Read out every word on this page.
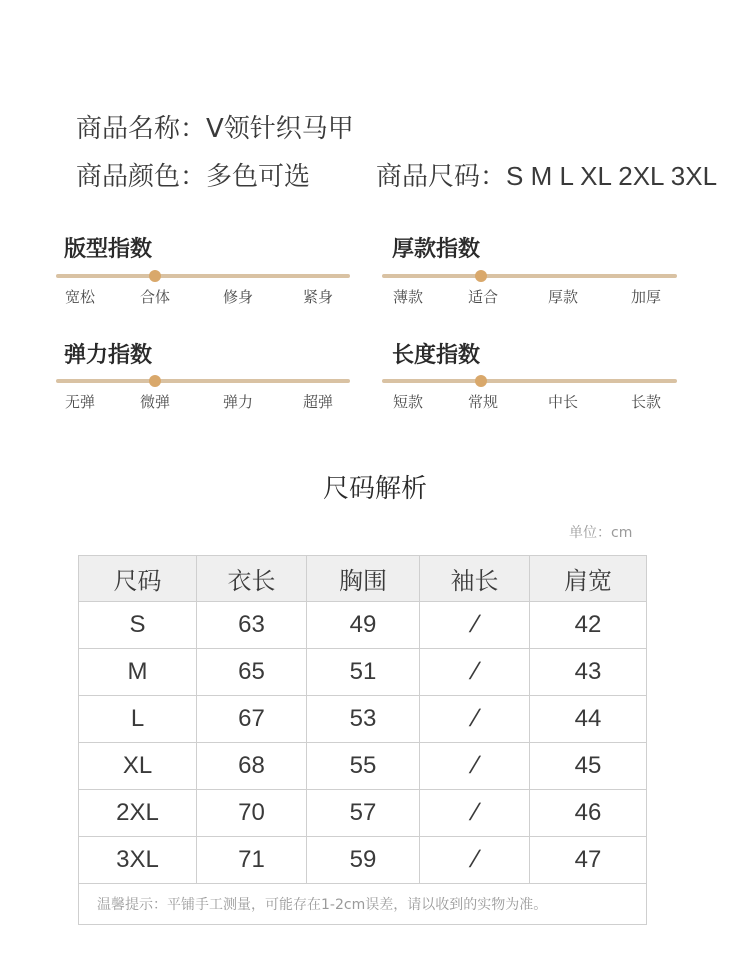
商品名称：V领针织马甲
商品颜色：多色可选	商品尺码：S M L XL 2XL 3XL
版型指数
宽松	合体	修身	紧身
厚款指数
薄款	适合	厚款	加厚
弹力指数
无弹	微弹	弹力	超弹
长度指数
短款	常规	中长	长款
尺码解析
单位：cm
尺码	衣长	胸围	袖长	肩宽
S	63	49	/	42
M	65	51	/	43
L	67	53	/	44
XL	68	55	/	45
2XL	70	57	/	46
3XL	71	59	/	47
温馨提示：平铺手工测量，可能存在1-2cm误差，请以收到的实物为准。				
